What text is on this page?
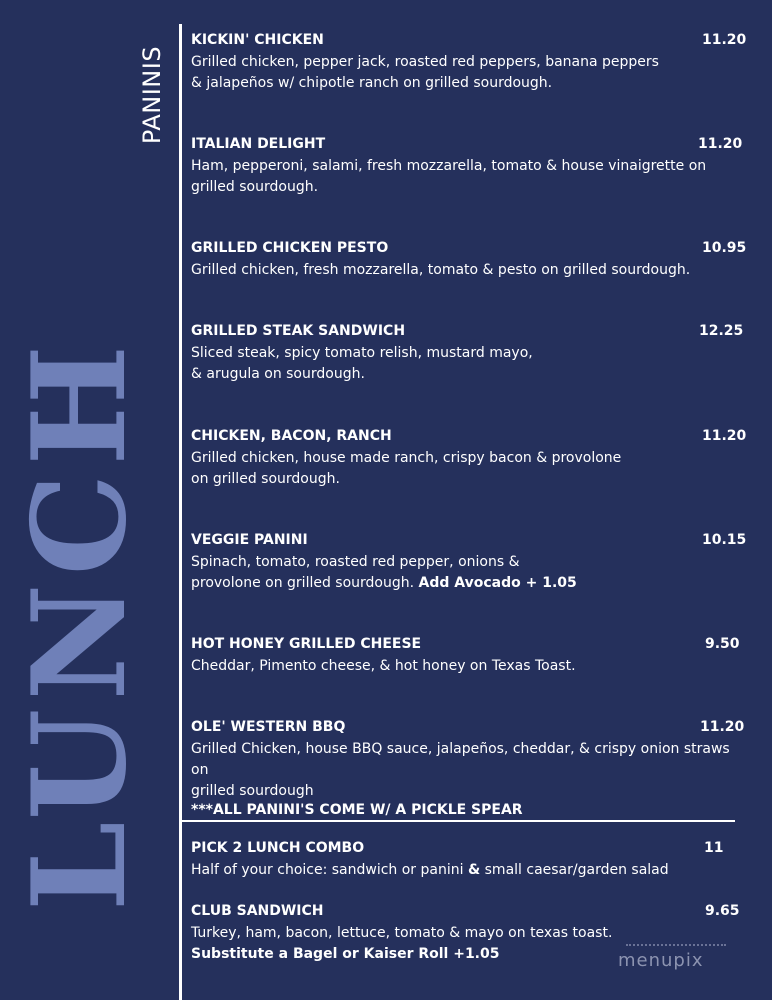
LUNCH
PANINIS
KICKIN' CHICKEN	11.20
Grilled chicken, pepper jack, roasted red peppers, banana peppers
& jalapeños w/ chipotle ranch on grilled sourdough.
ITALIAN DELIGHT	11.20
Ham, pepperoni, salami, fresh mozzarella, tomato & house vinaigrette on
grilled sourdough.
GRILLED CHICKEN PESTO	10.95
Grilled chicken, fresh mozzarella, tomato & pesto on grilled sourdough.
GRILLED STEAK SANDWICH	12.25
Sliced steak, spicy tomato relish, mustard mayo,
& arugula on sourdough.
CHICKEN, BACON, RANCH	11.20
Grilled chicken, house made ranch, crispy bacon & provolone
on grilled sourdough.
VEGGIE PANINI	10.15
Spinach, tomato, roasted red pepper, onions &
provolone on grilled sourdough. Add Avocado + 1.05
HOT HONEY GRILLED CHEESE	9.50
Cheddar, Pimento cheese, & hot honey on Texas Toast.
OLE' WESTERN BBQ	11.20
Grilled Chicken, house BBQ sauce, jalapeños, cheddar, & crispy onion straws on
grilled sourdough
***ALL PANINI'S COME W/ A PICKLE SPEAR
PICK 2 LUNCH COMBO	11
Half of your choice: sandwich or panini & small caesar/garden salad
CLUB SANDWICH	9.65
Turkey, ham, bacon, lettuce, tomato & mayo on texas toast.
Substitute a Bagel or Kaiser Roll +1.05	menupix
